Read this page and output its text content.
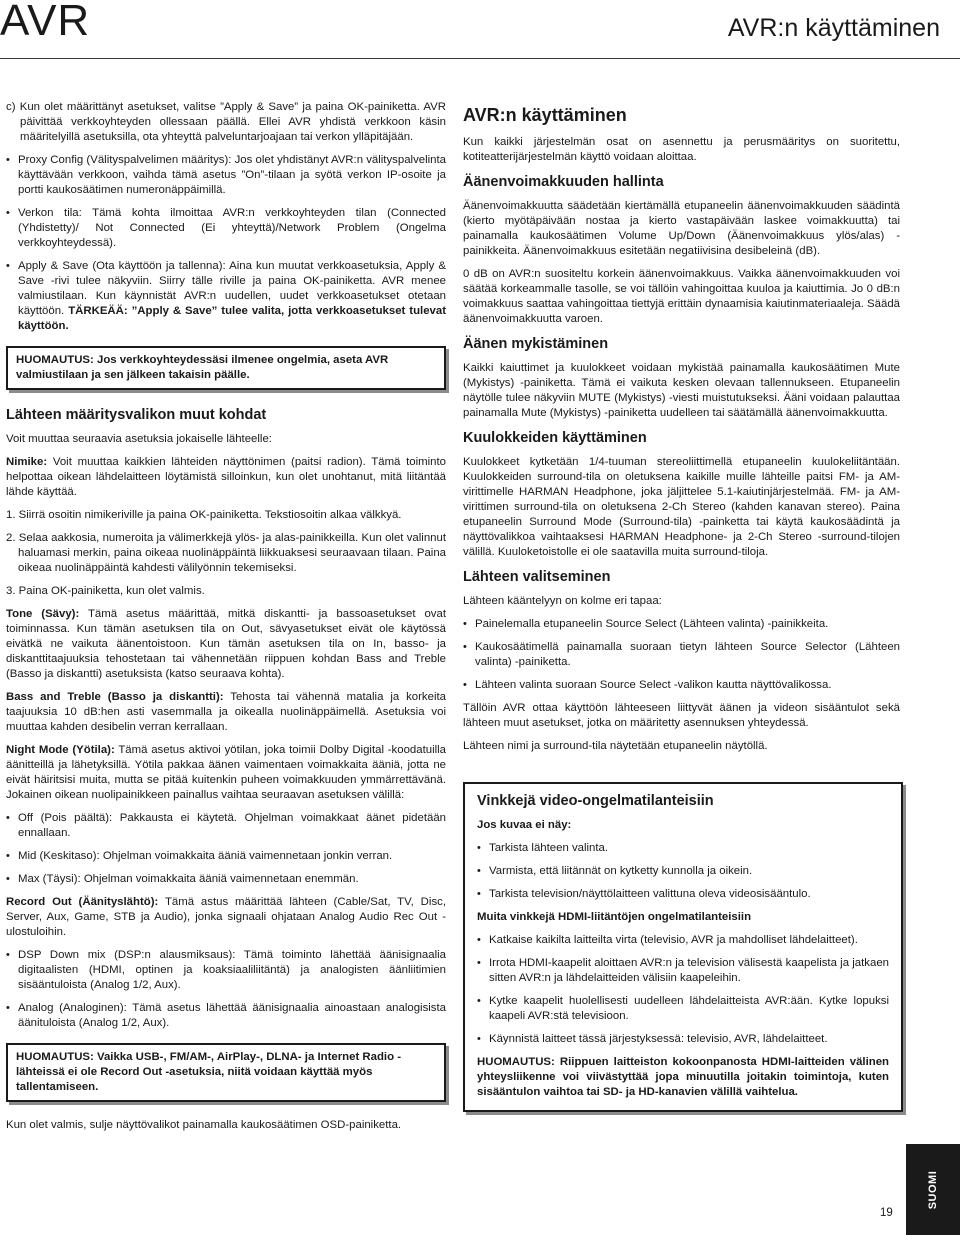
AVR	AVR:n käyttäminen

c) Kun olet määrittänyt asetukset, valitse ”Apply & Save” ja paina OK-painiketta. AVR päivittää verkkoyhteyden ollessaan päällä. Ellei AVR yhdistä verkkoon käsin määritelyillä asetuksilla, ota yhteyttä palveluntarjoajaan tai verkon ylläpitäjään.

• Proxy Config (Välityspalvelimen määritys): Jos olet yhdistänyt AVR:n välityspalvelinta käyttävään verkkoon, vaihda tämä asetus ”On”-tilaan ja syötä verkon IP-osoite ja portti kaukosäätimen numeronäppäimillä.

• Verkon tila: Tämä kohta ilmoittaa AVR:n verkkoyhteyden tilan (Connected (Yhdistetty)/ Not Connected (Ei yhteyttä)/Network Problem (Ongelma verkkoyhteydessä).

• Apply & Save (Ota käyttöön ja tallenna): Aina kun muutat verkkoasetuksia, Apply & Save -rivi tulee näkyviin. Siirry tälle riville ja paina OK-painiketta. AVR menee valmiustilaan. Kun käynnistät AVR:n uudellen, uudet verkkoasetukset otetaan käyttöön. TÄRKEÄÄ: ”Apply & Save” tulee valita, jotta verkkoasetukset tulevat käyttöön.

HUOMAUTUS: Jos verkkoyhteydessäsi ilmenee ongelmia, aseta AVR valmiustilaan ja sen jälkeen takaisin päälle.

Lähteen määritysvalikon muut kohdat

Voit muuttaa seuraavia asetuksia jokaiselle lähteelle:

Nimike: Voit muuttaa kaikkien lähteiden näyttönimen (paitsi radion). Tämä toiminto helpottaa oikean lähdelaitteen löytämistä silloinkun, kun olet unohtanut, mitä liitäntää lähde käyttää.

1. Siirrä osoitin nimikeriville ja paina OK-painiketta. Tekstiosoitin alkaa välkkyä.

2. Selaa aakkosia, numeroita ja välimerkkejä ylös- ja alas-painikkeilla. Kun olet valinnut haluamasi merkin, paina oikeaa nuolinäppäintä liikkuaksesi seuraavaan tilaan. Paina oikeaa nuolinäppäintä kahdesti välilyönnin tekemiseksi.

3. Paina OK-painiketta, kun olet valmis.

Tone (Sävy): Tämä asetus määrittää, mitkä diskantti- ja bassoasetukset ovat toiminnassa. Kun tämän asetuksen tila on Out, sävyasetukset eivät ole käytössä eivätkä ne vaikuta äänentoistoon. Kun tämän asetuksen tila on In, basso- ja diskanttitaajuuksia tehostetaan tai vähennetään riippuen kohdan Bass and Treble (Basso ja diskantti) asetuksista (katso seuraava kohta).

Bass and Treble (Basso ja diskantti): Tehosta tai vähennä matalia ja korkeita taajuuksia 10 dB:hen asti vasemmalla ja oikealla nuolinäppäimellä. Asetuksia voi muuttaa kahden desibelin verran kerrallaan.

Night Mode (Yötila): Tämä asetus aktivoi yötilan, joka toimii Dolby Digital -koodatuilla äänitteillä ja lähetyksillä. Yötila pakkaa äänen vaimentaen voimakkaita ääniä, jotta ne eivät häiritsisi muita, mutta se pitää kuitenkin puheen voimakkuuden ymmärrettävänä. Jokainen oikean nuolipainikkeen painallus vaihtaa seuraavan asetuksen välillä:

• Off (Pois päältä): Pakkausta ei käytetä. Ohjelman voimakkaat äänet pidetään ennallaan.

• Mid (Keskitaso): Ohjelman voimakkaita ääniä vaimennetaan jonkin verran.

• Max (Täysi): Ohjelman voimakkaita ääniä vaimennetaan enemmän.

Record Out (Äänityslähtö): Tämä astus määrittää lähteen (Cable/Sat, TV, Disc, Server, Aux, Game, STB ja Audio), jonka signaali ohjataan Analog Audio Rec Out -ulostuloihin.

• DSP Down mix (DSP:n alausmiksaus): Tämä toiminto lähettää äänisignaalia digitaalisten (HDMI, optinen ja koaksiaaliliitäntä) ja analogisten äänliitimien sisääntuloista (Analog 1/2, Aux).

• Analog (Analoginen): Tämä asetus lähettää äänisignaalia ainoastaan analogisista äänituloista (Analog 1/2, Aux).

HUOMAUTUS: Vaikka USB-, FM/AM-, AirPlay-, DLNA- ja Internet Radio -lähteissä ei ole Record Out -asetuksia, niitä voidaan käyttää myös tallentamiseen.

Kun olet valmis, sulje näyttövalikot painamalla kaukosäätimen OSD-painiketta.

AVR:n käyttäminen

Kun kaikki järjestelmän osat on asennettu ja perusmääritys on suoritettu, kotiteatterijärjestelmän käyttö voidaan aloittaa.

Äänenvoimakkuuden hallinta

Äänenvoimakkuutta säädetään kiertämällä etupaneelin äänenvoimakkuuden säädintä (kierto myötäpäivään nostaa ja kierto vastapäivään laskee voimakkuutta) tai painamalla kaukosäätimen Volume Up/Down (Äänenvoimakkuus ylös/alas) -painikkeita. Äänenvoimakkuus esitetään negatiivisina desibeleinä (dB).

0 dB on AVR:n suositeltu korkein äänenvoimakkuus. Vaikka äänenvoimakkuuden voi säätää korkeammalle tasolle, se voi tällöin vahingoittaa kuuloa ja kaiuttimia. Jo 0 dB:n voimakkuus saattaa vahingoittaa tiettyjä erittäin dynaamisia kaiutinmateriaaleja. Säädä äänenvoimakkuutta varoen.

Äänen mykistäminen

Kaikki kaiuttimet ja kuulokkeet voidaan mykistää painamalla kaukosäätimen Mute (Mykistys) -painiketta. Tämä ei vaikuta kesken olevaan tallennukseen. Etupaneelin näytölle tulee näkyviin MUTE (Mykistys) -viesti muistutukseksi. Ääni voidaan palauttaa painamalla Mute (Mykistys) -painiketta uudelleen tai säätämällä äänenvoimakkuutta.

Kuulokkeiden käyttäminen

Kuulokkeet kytketään 1/4-tuuman stereoliittimellä etupaneelin kuulokeliitäntään. Kuulokkeiden surround-tila on oletuksena kaikille muille lähteille paitsi FM- ja AM-virittimelle HARMAN Headphone, joka jäljittelee 5.1-kaiutinjärjestelmää. FM- ja AM-virittimen surround-tila on oletuksena 2-Ch Stereo (kahden kanavan stereo). Paina etupaneelin Surround Mode (Surround-tila) -painketta tai käytä kaukosäädintä ja näyttövalikkoa vaihtaaksesi HARMAN Headphone- ja 2-Ch Stereo -surround-tilojen välillä. Kuuloketoistolle ei ole saatavilla muita surround-tiloja.

Lähteen valitseminen

Lähteen kääntelyyn on kolme eri tapaa:

• Painelemalla etupaneelin Source Select (Lähteen valinta) -painikkeita.

• Kaukosäätimellä painamalla suoraan tietyn lähteen Source Selector (Lähteen valinta) -painiketta.

• Lähteen valinta suoraan Source Select -valikon kautta näyttövalikossa.

Tällöin AVR ottaa käyttöön lähteeseen liittyvät äänen ja videon sisääntulot sekä lähteen muut asetukset, jotka on määritetty asennuksen yhteydessä.

Lähteen nimi ja surround-tila näytetään etupaneelin näytöllä.

Vinkkejä video-ongelmatilanteisiin

Jos kuvaa ei näy:

• Tarkista lähteen valinta.

• Varmista, että liitännät on kytketty kunnolla ja oikein.

• Tarkista television/näyttölaitteen valittuna oleva videosisääntulo.

Muita vinkkejä HDMI-liitäntöjen ongelmatilanteisiin

• Katkaise kaikilta laitteilta virta (televisio, AVR ja mahdolliset lähdelaitteet).

• Irrota HDMI-kaapelit aloittaen AVR:n ja television välisestä kaapelista ja jatkaen sitten AVR:n ja lähdelaitteiden välisiin kaapeleihin.

• Kytke kaapelit huolellisesti uudelleen lähdelaitteista AVR:ään. Kytke lopuksi kaapeli AVR:stä televisioon.

• Käynnistä laitteet tässä järjestyksessä: televisio, AVR, lähdelaitteet.

HUOMAUTUS: Riippuen laitteiston kokoonpanosta HDMI-laitteiden välinen yhteysliikenne voi viivästyttää jopa minuutilla joitakin toimintoja, kuten sisääntulon vaihtoa tai SD- ja HD-kanavien välillä vaihtelua.

SUOMI
19
